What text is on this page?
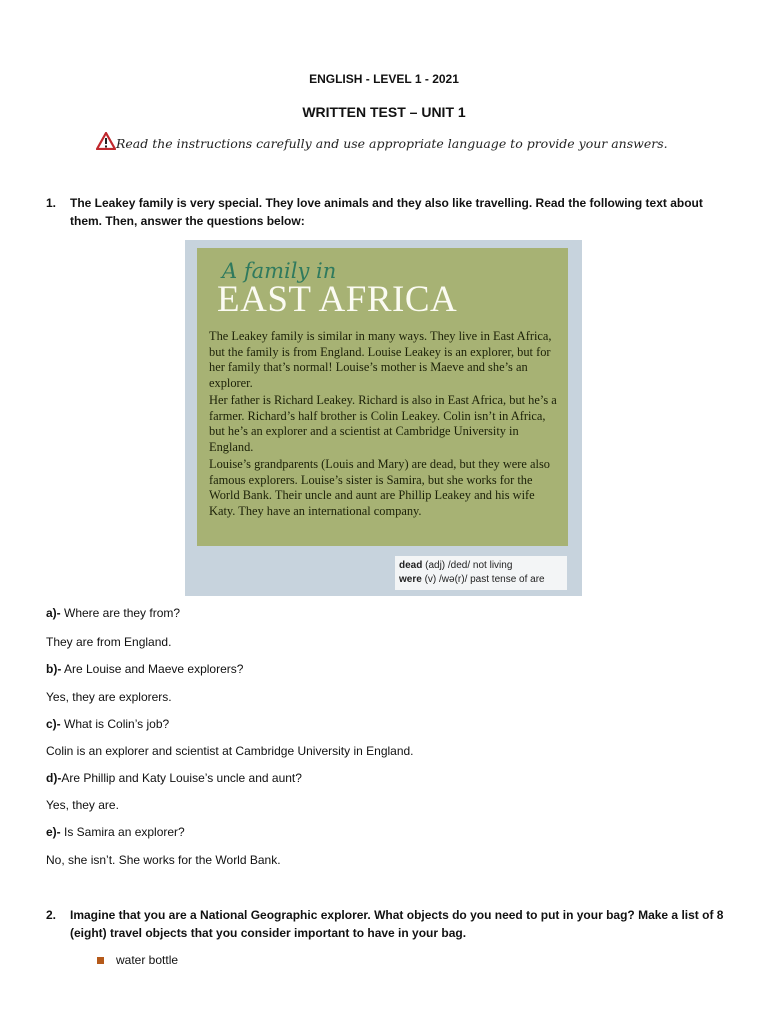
ENGLISH - LEVEL 1 - 2021
WRITTEN TEST – UNIT 1
Read the instructions carefully and use appropriate language to provide your answers.
1. The Leakey family is very special. They love animals and they also like travelling. Read the following text about them. Then, answer the questions below:
A family in
EAST AFRICA
The Leakey family is similar in many ways. They live in East Africa, but the family is from England. Louise Leakey is an explorer, but for her family that’s normal! Louise’s mother is Maeve and she’s an explorer.
Her father is Richard Leakey. Richard is also in East Africa, but he’s a farmer. Richard’s half brother is Colin Leakey. Colin isn’t in Africa, but he’s an explorer and a scientist at Cambridge University in England.
Louise’s grandparents (Louis and Mary) are dead, but they were also famous explorers. Louise’s sister is Samira, but she works for the World Bank. Their uncle and aunt are Phillip Leakey and his wife Katy. They have an international company.
dead (adj) /ded/ not living
were (v) /wə(r)/ past tense of are
a)- Where are they from?
They are from England.
b)- Are Louise and Maeve explorers?
Yes, they are explorers.
c)- What is Colin’s job?
Colin is an explorer and scientist at Cambridge University in England.
d)-Are Phillip and Katy Louise’s uncle and aunt?
Yes, they are.
e)- Is Samira an explorer?
No, she isn’t. She works for the World Bank.
2. Imagine that you are a National Geographic explorer. What objects do you need to put in your bag? Make a list of 8 (eight) travel objects that you consider important to have in your bag.
water bottle
